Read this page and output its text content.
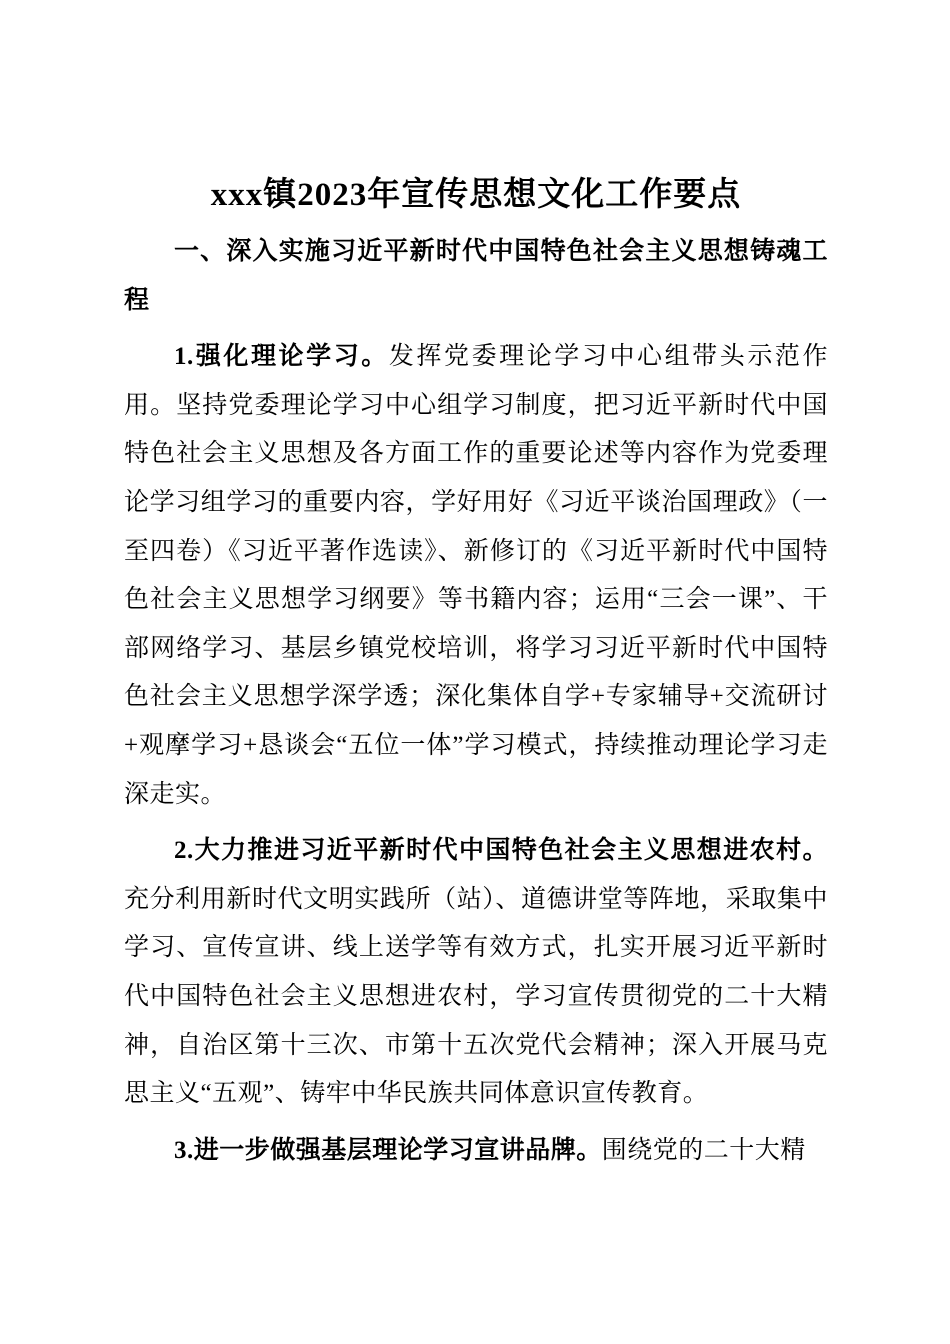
xxx镇2023年宣传思想文化工作要点

一、深入实施习近平新时代中国特色社会主义思想铸魂工程

1.强化理论学习。发挥党委理论学习中心组带头示范作用。坚持党委理论学习中心组学习制度，把习近平新时代中国特色社会主义思想及各方面工作的重要论述等内容作为党委理论学习组学习的重要内容，学好用好《习近平谈治国理政》（一至四卷）《习近平著作选读》、新修订的《习近平新时代中国特色社会主义思想学习纲要》等书籍内容；运用“三会一课”、干部网络学习、基层乡镇党校培训，将学习习近平新时代中国特色社会主义思想学深学透；深化集体自学+专家辅导+交流研讨+观摩学习+恳谈会“五位一体”学习模式，持续推动理论学习走深走实。

2.大力推进习近平新时代中国特色社会主义思想进农村。充分利用新时代文明实践所（站）、道德讲堂等阵地，采取集中学习、宣传宣讲、线上送学等有效方式，扎实开展习近平新时代中国特色社会主义思想进农村，学习宣传贯彻党的二十大精神，自治区第十三次、市第十五次党代会精神；深入开展马克思主义“五观”、铸牢中华民族共同体意识宣传教育。

3.进一步做强基层理论学习宣讲品牌。围绕党的二十大精
